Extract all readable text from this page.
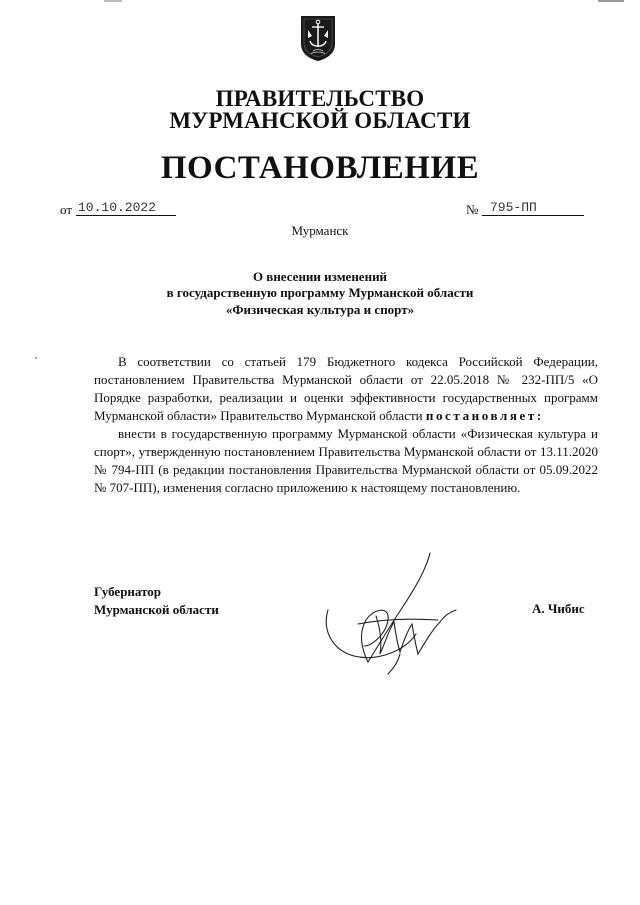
ПРАВИТЕЛЬСТВО
МУРМАНСКОЙ ОБЛАСТИ
ПОСТАНОВЛЕНИЕ
от 10.10.2022	№ 795-ПП
Мурманск
О внесении изменений
в государственную программу Мурманской области
«Физическая культура и спорт»

В соответствии со статьей 179 Бюджетного кодекса Российской Федерации, постановлением Правительства Мурманской области от 22.05.2018 № 232-ПП/5 «О Порядке разработки, реализации и оценки эффективности государственных программ Мурманской области» Правительство Мурманской области постановляет:

внести в государственную программу Мурманской области «Физическая культура и спорт», утвержденную постановлением Правительства Мурманской области от 13.11.2020 № 794-ПП (в редакции постановления Правительства Мурманской области от 05.09.2022 № 707-ПП), изменения согласно приложению к настоящему постановлению.

Губернатор
Мурманской области	А. Чибис
